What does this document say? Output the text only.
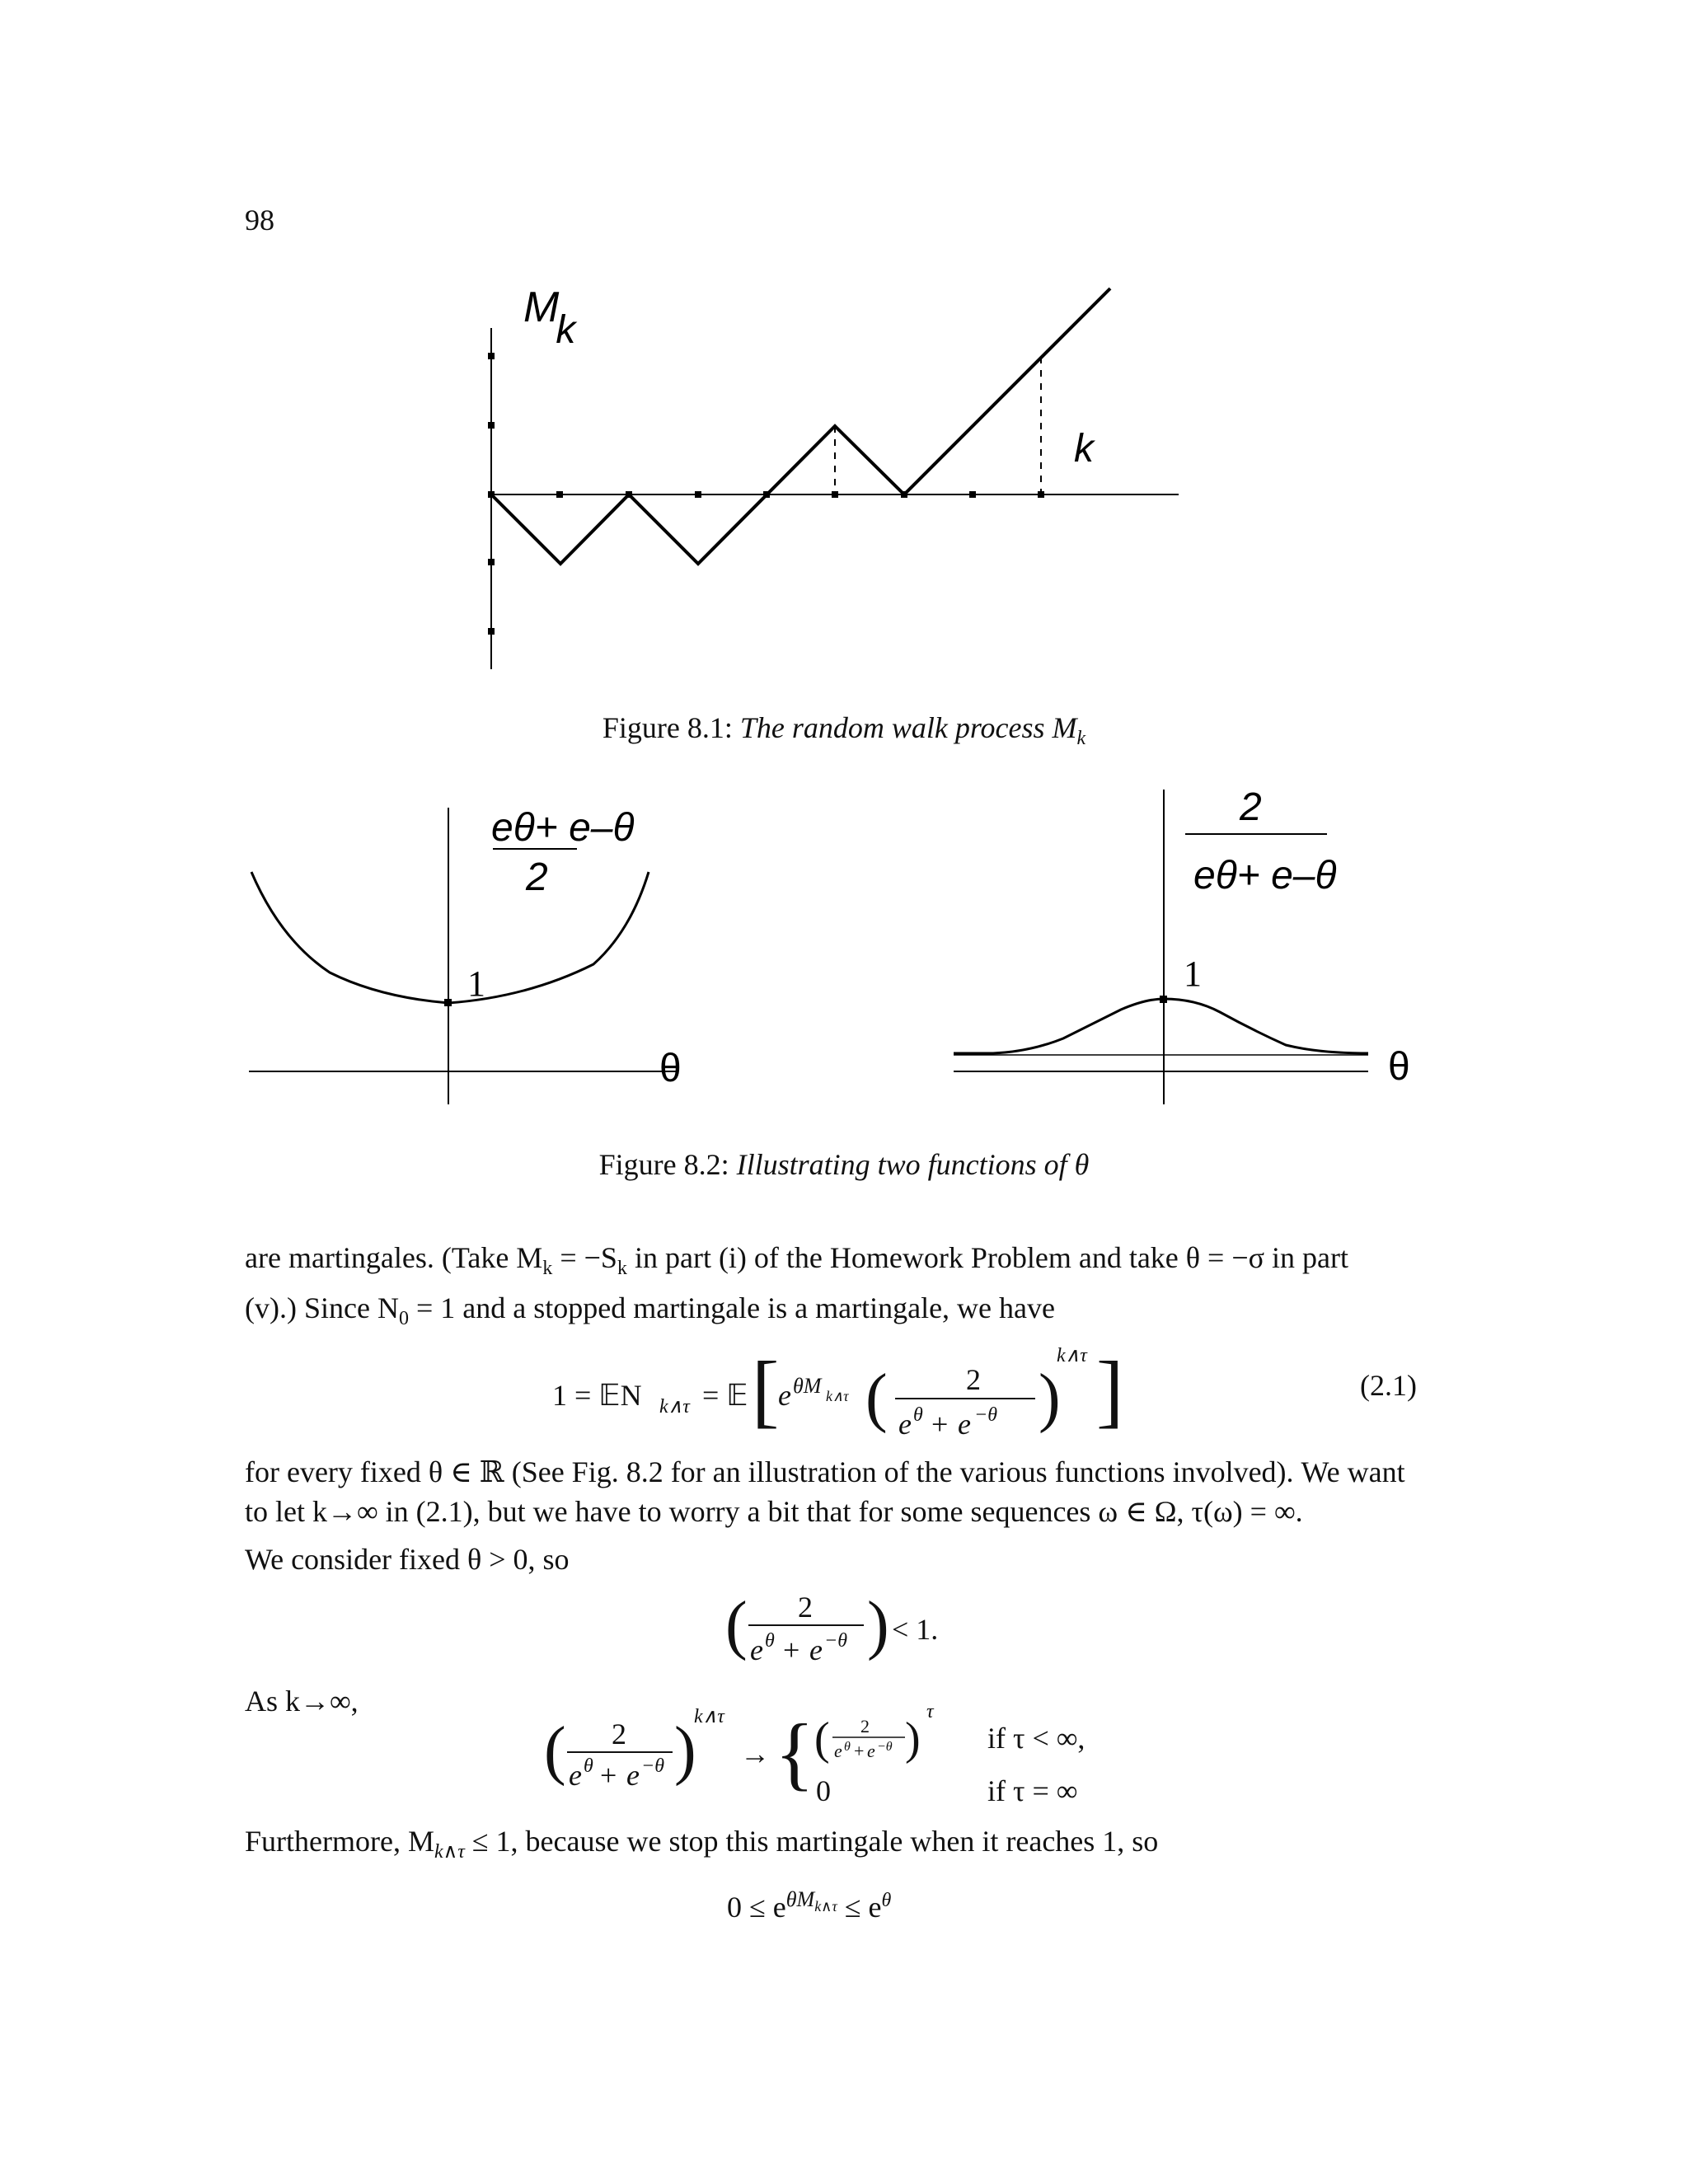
98
Mk
k
Figure 8.1: The random walk process $M_k$
eθ+ e–θ
2
1
θ
2
eθ+ e–θ
1
θ
Figure 8.2: Illustrating two functions of θ
are martingales. (Take $M_k = -S_k$ in part (i) of the Homework Problem and take θ = −σ in part
(v).) Since $N_0 = 1$ and a stopped martingale is a martingale, we have
1 = 𝔼N k∧τ = 𝔼 [
e θM k∧τ (	2
e θ + e −θ )
k∧τ ]	(2.1)
for every fixed θ ∈ ℝ (See Fig. 8.2 for an illustration of the various functions involved). We want
to let k→∞ in (2.1), but we have to worry a bit that for some sequences ω ∈ Ω, τ(ω) = ∞.
We consider fixed θ > 0, so
( 2
e θ + e −θ ) < 1.
As k→∞,
( 2
e θ + e −θ )
k∧τ
→ { ( 2
e θ + e −θ )
τ
0
if τ < ∞,
if τ = ∞
Furthermore, $M_{k\wedge\tau} \le 1$, because we stop this martingale when it reaches 1, so
$0 \le e^{\theta M_{k\wedge\tau}} \le e^\theta$
